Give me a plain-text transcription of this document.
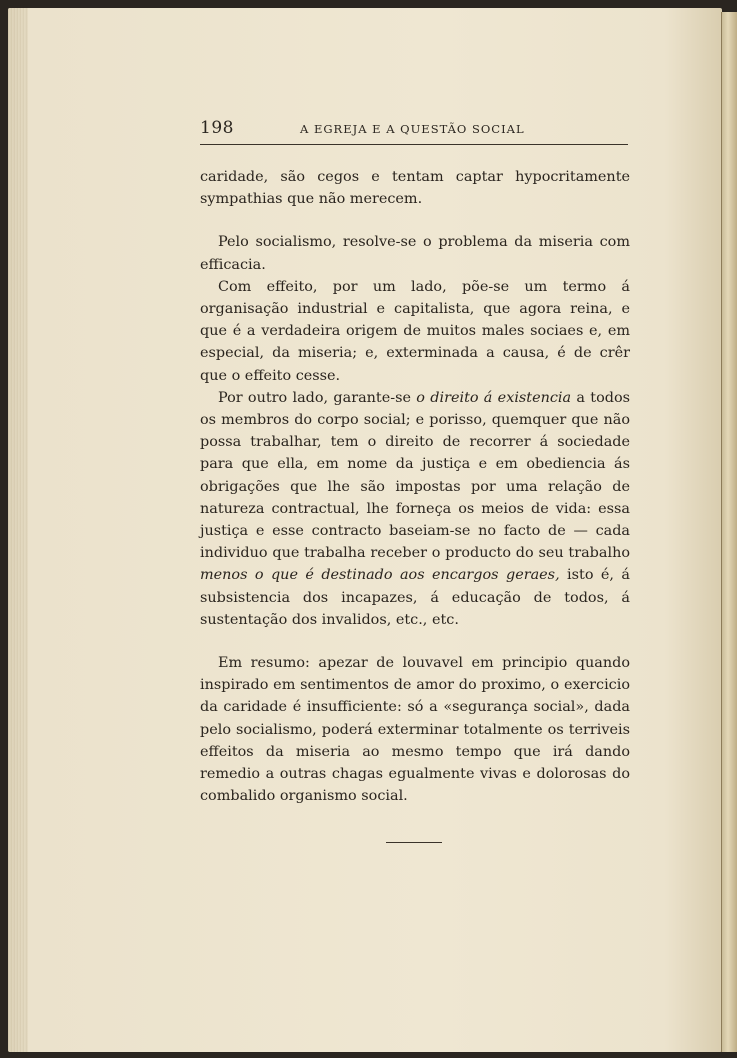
198	A EGREJA E A QUESTÃO SOCIAL

caridade, são cegos e tentam captar hypocritamente sympathias que não merecem.

Pelo socialismo, resolve-se o problema da miseria com efficacia.

Com effeito, por um lado, põe-se um termo á organisação industrial e capitalista, que agora reina, e que é a verdadeira origem de muitos males sociaes e, em especial, da miseria; e, exterminada a causa, é de crêr que o effeito cesse.

Por outro lado, garante-se o direito á existencia a todos os membros do corpo social; e porisso, quemquer que não possa trabalhar, tem o direito de recorrer á sociedade para que ella, em nome da justiça e em obediencia ás obrigações que lhe são impostas por uma relação de natureza contractual, lhe forneça os meios de vida: essa justiça e esse contracto baseiam-se no facto de — cada individuo que trabalha receber o producto do seu trabalho menos o que é destinado aos encargos geraes, isto é, á subsistencia dos incapazes, á educação de todos, á sustentação dos invalidos, etc., etc.

Em resumo: apezar de louvavel em principio quando inspirado em sentimentos de amor do proximo, o exercicio da caridade é insufficiente: só a «segurança social», dada pelo socialismo, poderá exterminar totalmente os terriveis effeitos da miseria ao mesmo tempo que irá dando remedio a outras chagas egualmente vivas e dolorosas do combalido organismo social.
